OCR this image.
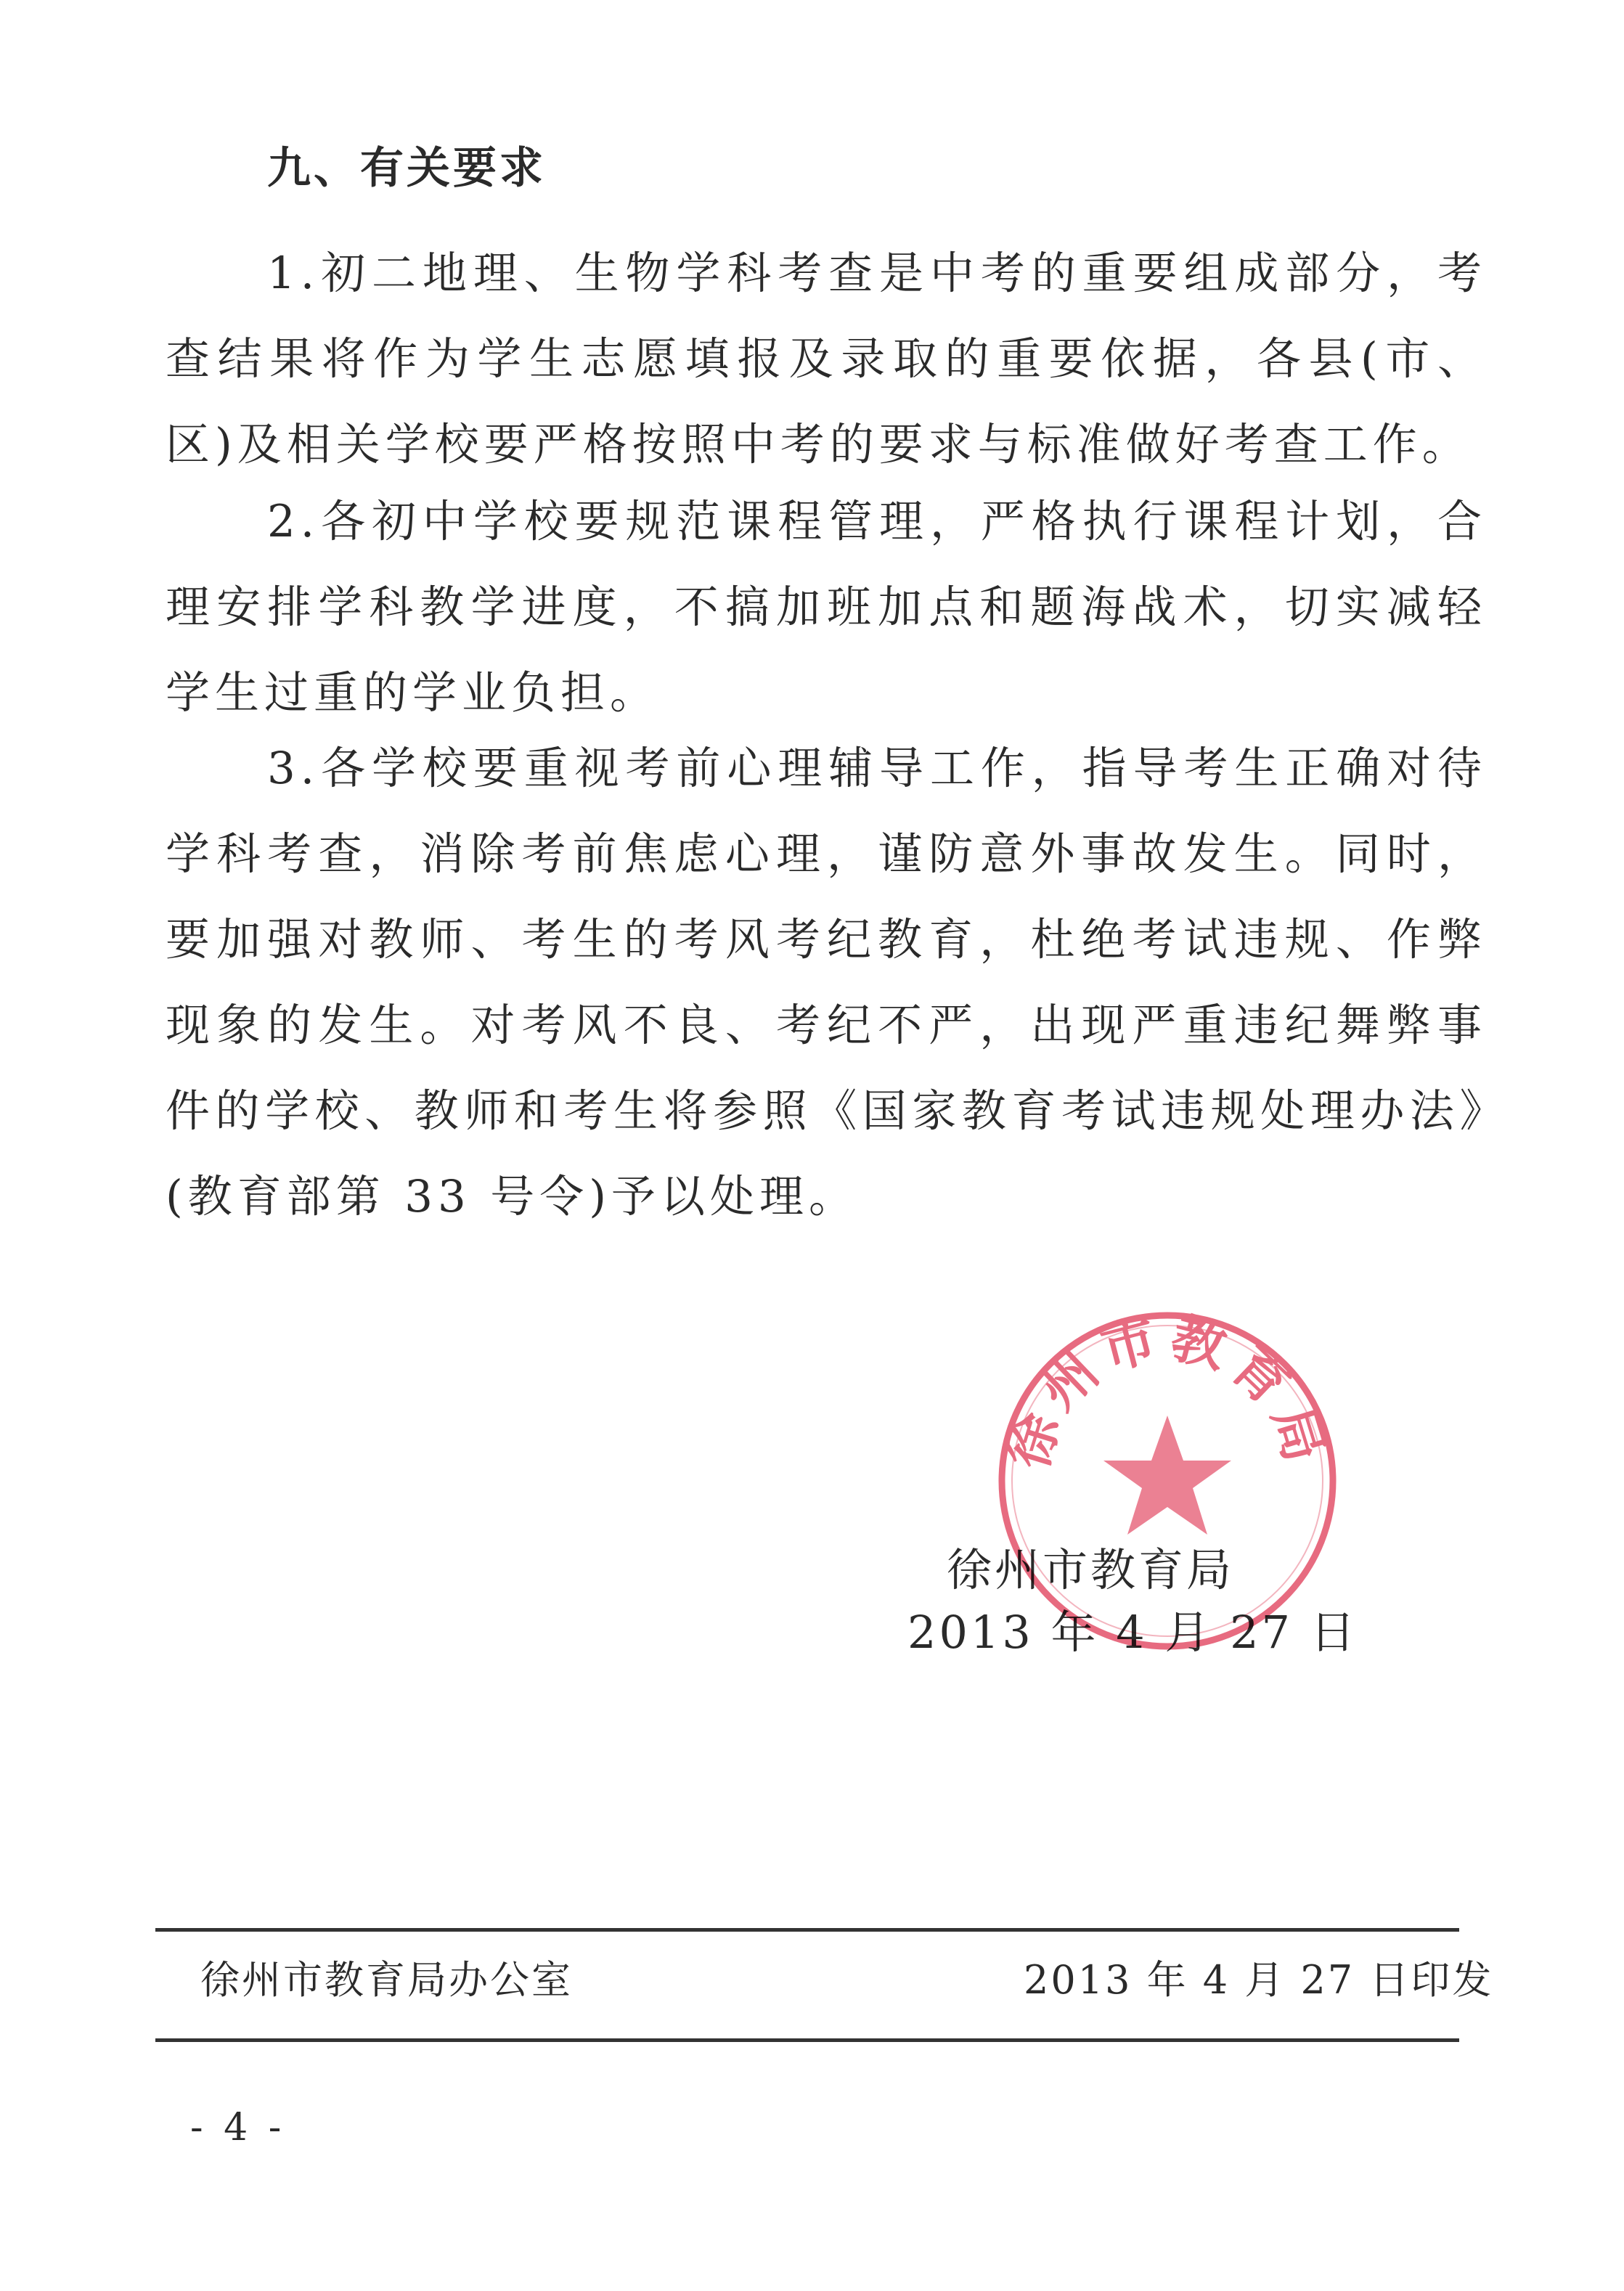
九、有关要求

1.初二地理、生物学科考查是中考的重要组成部分，考查结果将作为学生志愿填报及录取的重要依据，各县(市、区)及相关学校要严格按照中考的要求与标准做好考查工作。

2.各初中学校要规范课程管理，严格执行课程计划，合理安排学科教学进度，不搞加班加点和题海战术，切实减轻学生过重的学业负担。

3.各学校要重视考前心理辅导工作，指导考生正确对待学科考查，消除考前焦虑心理，谨防意外事故发生。同时，要加强对教师、考生的考风考纪教育，杜绝考试违规、作弊现象的发生。对考风不良、考纪不严，出现严重违纪舞弊事件的学校、教师和考生将参照《国家教育考试违规处理办法》(教育部第 33 号令)予以处理。

徐州市教育局
2013 年 4 月 27 日
徐州市教育局
徐州市教育局办公室	2013 年 4 月 27 日印发
- 4 -
